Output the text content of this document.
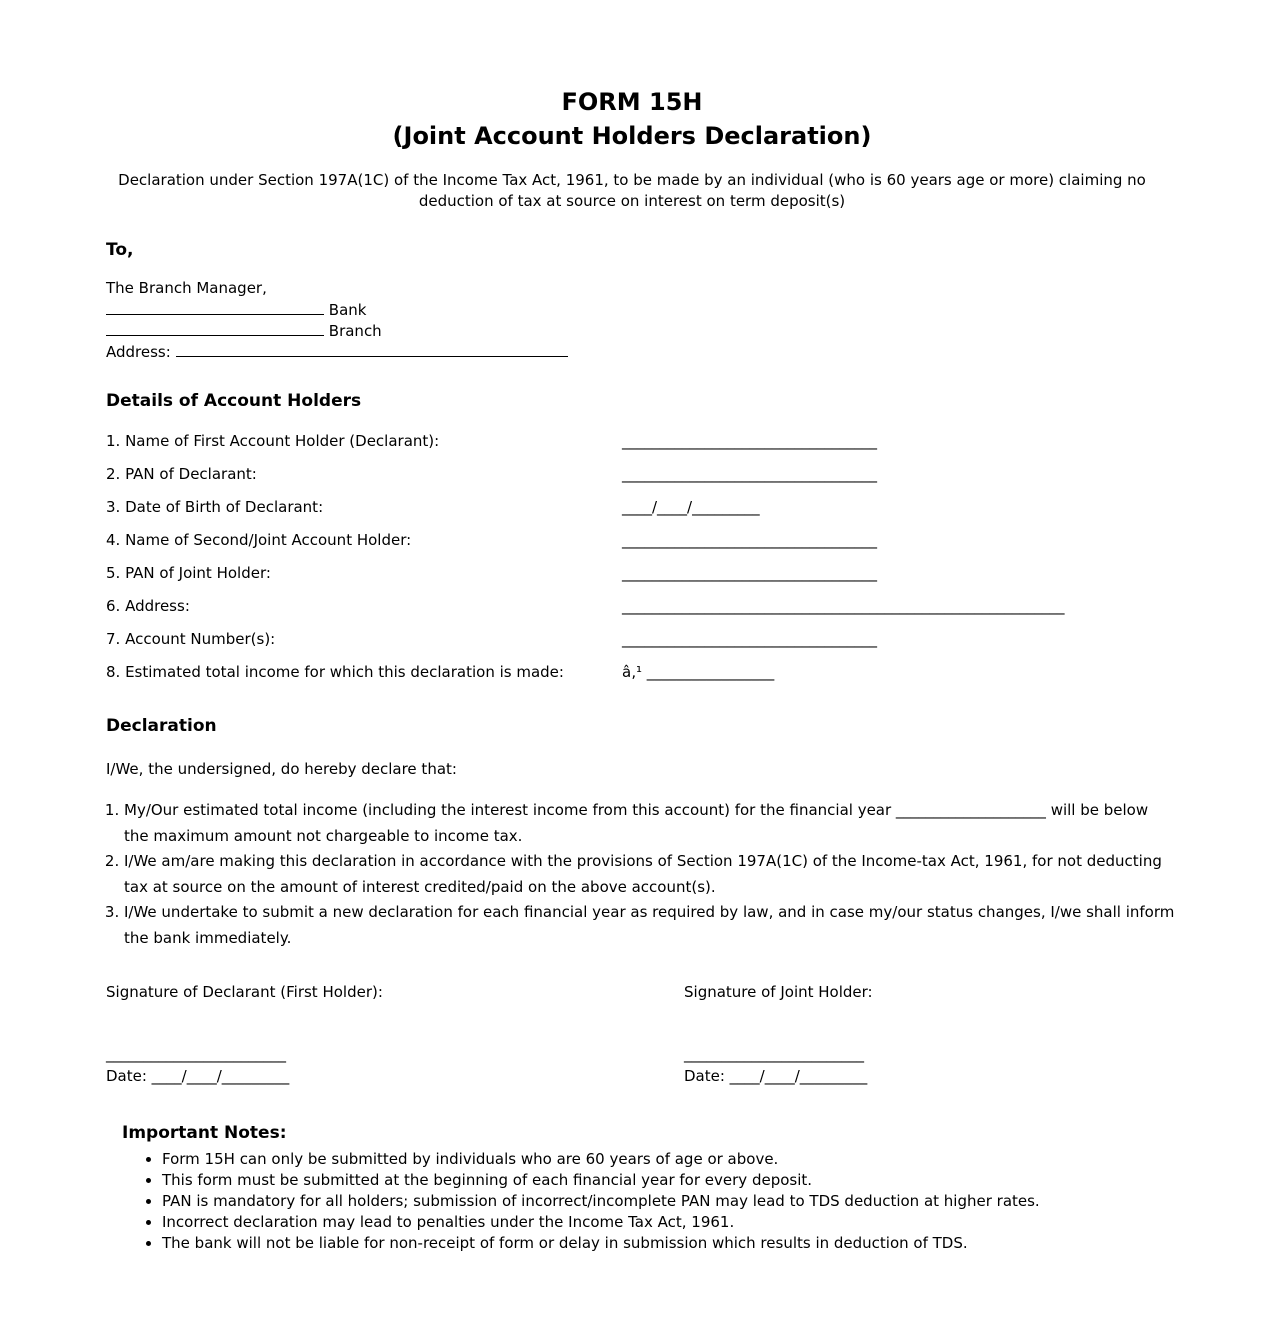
FORM 15H
(Joint Account Holders Declaration)
Declaration under Section 197A(1C) of the Income Tax Act, 1961, to be made by an individual (who is 60 years age or more) claiming no deduction of tax at source on interest on term deposit(s)
To,
The Branch Manager,
Bank
Branch
Address:
Details of Account Holders
1. Name of First Account Holder (Declarant):	__________________________________
2. PAN of Declarant:	__________________________________
3. Date of Birth of Declarant:	____/____/_________
4. Name of Second/Joint Account Holder:	__________________________________
5. PAN of Joint Holder:	__________________________________
6. Address:	___________________________________________________________
7. Account Number(s):	__________________________________
8. Estimated total income for which this declaration is made:	â‚¹ _________________
Declaration
I/We, the undersigned, do hereby declare that:
1. My/Our estimated total income (including the interest income from this account) for the financial year ____________________ will be below the maximum amount not chargeable to income tax.
2. I/We am/are making this declaration in accordance with the provisions of Section 197A(1C) of the Income-tax Act, 1961, for not deducting tax at source on the amount of interest credited/paid on the above account(s).
3. I/We undertake to submit a new declaration for each financial year as required by law, and in case my/our status changes, I/we shall inform the bank immediately.
Signature of Declarant (First Holder):	Signature of Joint Holder:
________________________	________________________
Date: ____/____/_________	Date: ____/____/_________
Important Notes:
• Form 15H can only be submitted by individuals who are 60 years of age or above.
• This form must be submitted at the beginning of each financial year for every deposit.
• PAN is mandatory for all holders; submission of incorrect/incomplete PAN may lead to TDS deduction at higher rates.
• Incorrect declaration may lead to penalties under the Income Tax Act, 1961.
• The bank will not be liable for non-receipt of form or delay in submission which results in deduction of TDS.
